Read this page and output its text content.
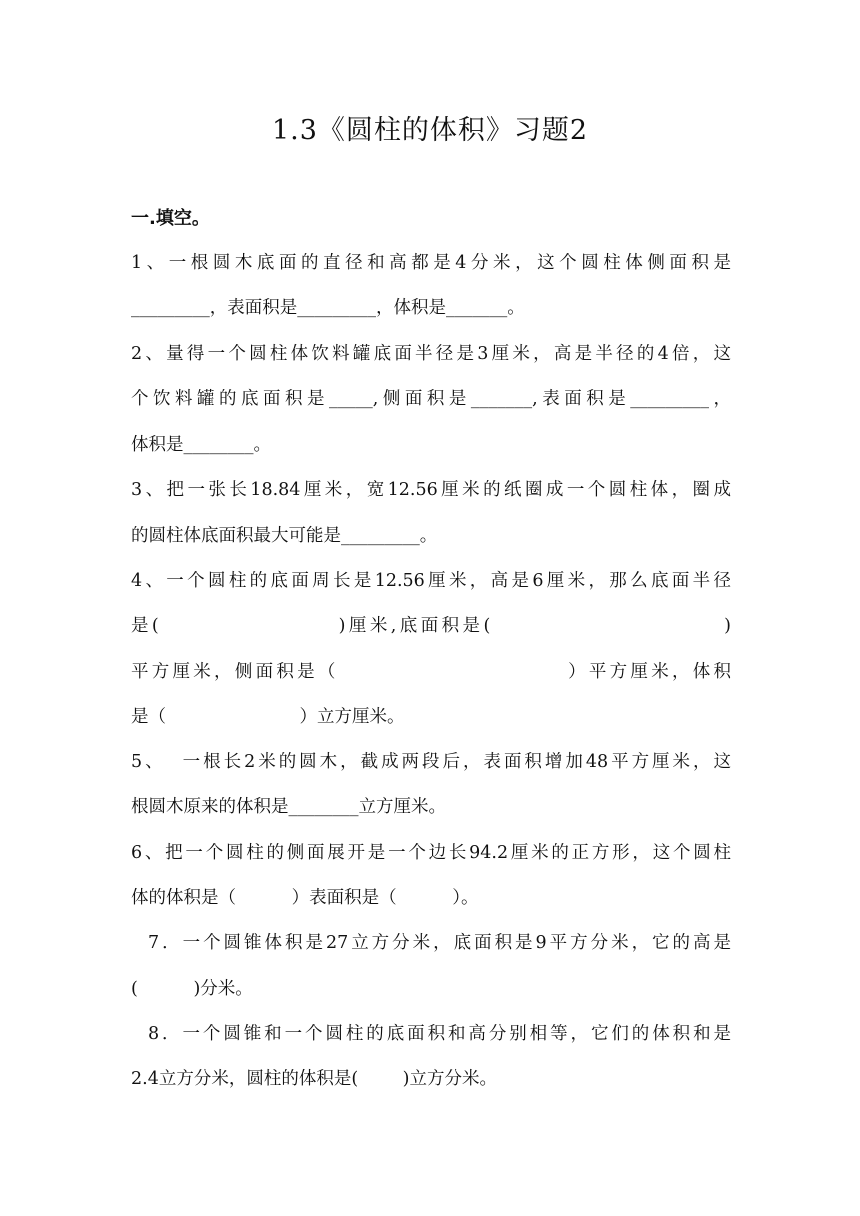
1.3《圆柱的体积》习题2
一.填空。
1、一根圆木底面的直径和高都是4分米，这个圆柱体侧面积是
_________，表面积是_________，体积是_______。
2、量得一个圆柱体饮料罐底面半径是3厘米，高是半径的4倍，这
个饮料罐的底面积是_____,侧面积是_______,表面积是_________，
体积是________。
3、把一张长18.84厘米，宽12.56厘米的纸圈成一个圆柱体，圈成
的圆柱体底面积最大可能是_________。
4、一个圆柱的底面周长是12.56厘米，高是6厘米，那么底面半径
是(                    )厘米,底面积是(                          )
平方厘米，侧面积是（                          ）平方厘米，体积
是（                        ）立方厘米。
5、  一根长2米的圆木，截成两段后，表面积增加48平方厘米，这
根圆木原来的体积是________立方厘米。
6、把一个圆柱的侧面展开是一个边长94.2厘米的正方形，这个圆柱
体的体积是（          ）表面积是（          ）。
7．一个圆锥体积是27立方分米，底面积是9平方分米，它的高是
(          )分米。
8．一个圆锥和一个圆柱的底面积和高分别相等，它们的体积和是
2.4立方分米，圆柱的体积是(        )立方分米。
